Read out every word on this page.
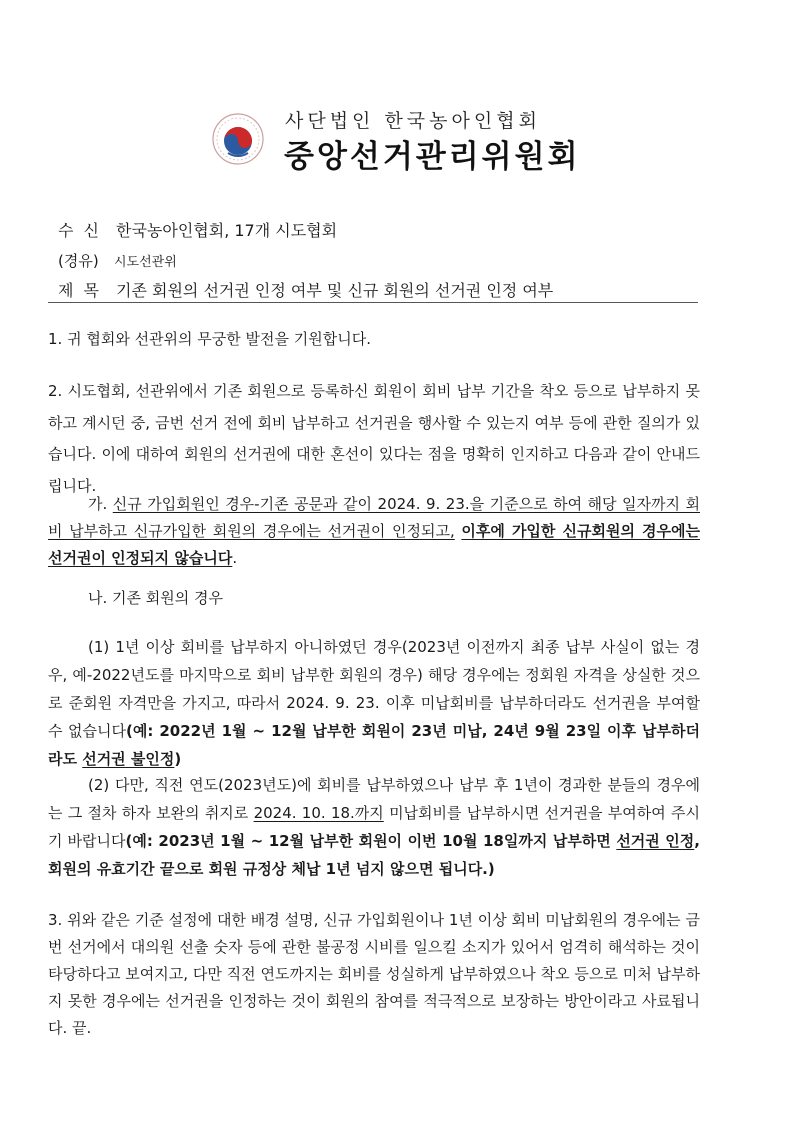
사단법인 한국농아인협회
중앙선거관리위원회
수신 한국농아인협회, 17개 시도협회
(경유) 시도선관위
제목 기존 회원의 선거권 인정 여부 및 신규 회원의 선거권 인정 여부
1. 귀 협회와 선관위의 무궁한 발전을 기원합니다.
2. 시도협회, 선관위에서 기존 회원으로 등록하신 회원이 회비 납부 기간을 착오 등으로 납부하지 못하고 계시던 중, 금번 선거 전에 회비 납부하고 선거권을 행사할 수 있는지 여부 등에 관한 질의가 있습니다. 이에 대하여 회원의 선거권에 대한 혼선이 있다는 점을 명확히 인지하고 다음과 같이 안내드립니다.
가. 신규 가입회원인 경우-기존 공문과 같이 2024. 9. 23.을 기준으로 하여 해당 일자까지 회비 납부하고 신규가입한 회원의 경우에는 선거권이 인정되고, 이후에 가입한 신규회원의 경우에는 선거권이 인정되지 않습니다.
나. 기존 회원의 경우
(1) 1년 이상 회비를 납부하지 아니하였던 경우(2023년 이전까지 최종 납부 사실이 없는 경우, 예-2022년도를 마지막으로 회비 납부한 회원의 경우) 해당 경우에는 정회원 자격을 상실한 것으로 준회원 자격만을 가지고, 따라서 2024. 9. 23. 이후 미납회비를 납부하더라도 선거권을 부여할 수 없습니다(예: 2022년 1월 ~ 12월 납부한 회원이 23년 미납, 24년 9월 23일 이후 납부하더라도 선거권 불인정)
(2) 다만, 직전 연도(2023년도)에 회비를 납부하였으나 납부 후 1년이 경과한 분들의 경우에는 그 절차 하자 보완의 취지로 2024. 10. 18.까지 미납회비를 납부하시면 선거권을 부여하여 주시기 바랍니다(예: 2023년 1월 ~ 12월 납부한 회원이 이번 10월 18일까지 납부하면 선거권 인정, 회원의 유효기간 끝으로 회원 규정상 체납 1년 넘지 않으면 됩니다.)
3. 위와 같은 기준 설정에 대한 배경 설명, 신규 가입회원이나 1년 이상 회비 미납회원의 경우에는 금번 선거에서 대의원 선출 숫자 등에 관한 불공정 시비를 일으킬 소지가 있어서 엄격히 해석하는 것이 타당하다고 보여지고, 다만 직전 연도까지는 회비를 성실하게 납부하였으나 착오 등으로 미처 납부하지 못한 경우에는 선거권을 인정하는 것이 회원의 참여를 적극적으로 보장하는 방안이라고 사료됩니다. 끝.
